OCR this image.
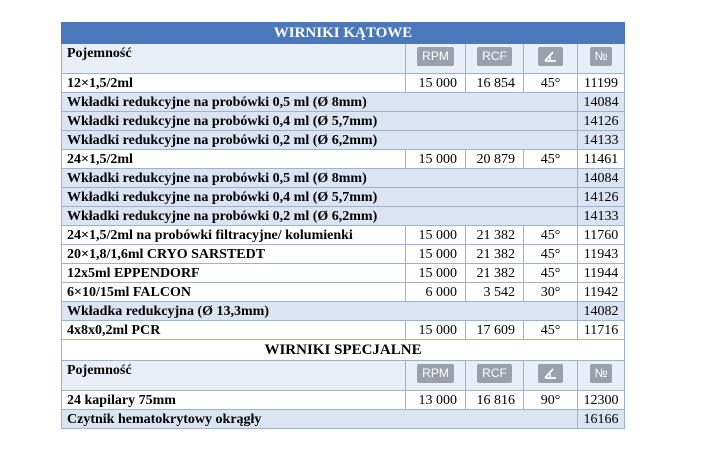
WIRNIKI KĄTOWE				
Pojemność	RPM	RCF		№
12×1,5/2ml	15 000	16 854	45°	11199
Wkładki redukcyjne na probówki 0,5 ml (Ø 8mm)				14084
Wkładki redukcyjne na probówki 0,4 ml (Ø 5,7mm)				14126
Wkładki redukcyjne na probówki 0,2 ml (Ø 6,2mm)				14133
24×1,5/2ml	15 000	20 879	45°	11461
Wkładki redukcyjne na probówki 0,5 ml (Ø 8mm)				14084
Wkładki redukcyjne na probówki 0,4 ml (Ø 5,7mm)				14126
Wkładki redukcyjne na probówki 0,2 ml (Ø 6,2mm)				14133
24×1,5/2ml na probówki filtracyjne/ kolumienki	15 000	21 382	45°	11760
20×1,8/1,6ml CRYO SARSTEDT	15 000	21 382	45°	11943
12x5ml EPPENDORF	15 000	21 382	45°	11944
6×10/15ml FALCON	6 000	3 542	30°	11942
Wkładka redukcyjna (Ø 13,3mm)				14082
4x8x0,2ml PCR	15 000	17 609	45°	11716
WIRNIKI SPECJALNE				
Pojemność	RPM	RCF		№
24 kapilary 75mm	13 000	16 816	90°	12300
Czytnik hematokrytowy okrągły				16166
